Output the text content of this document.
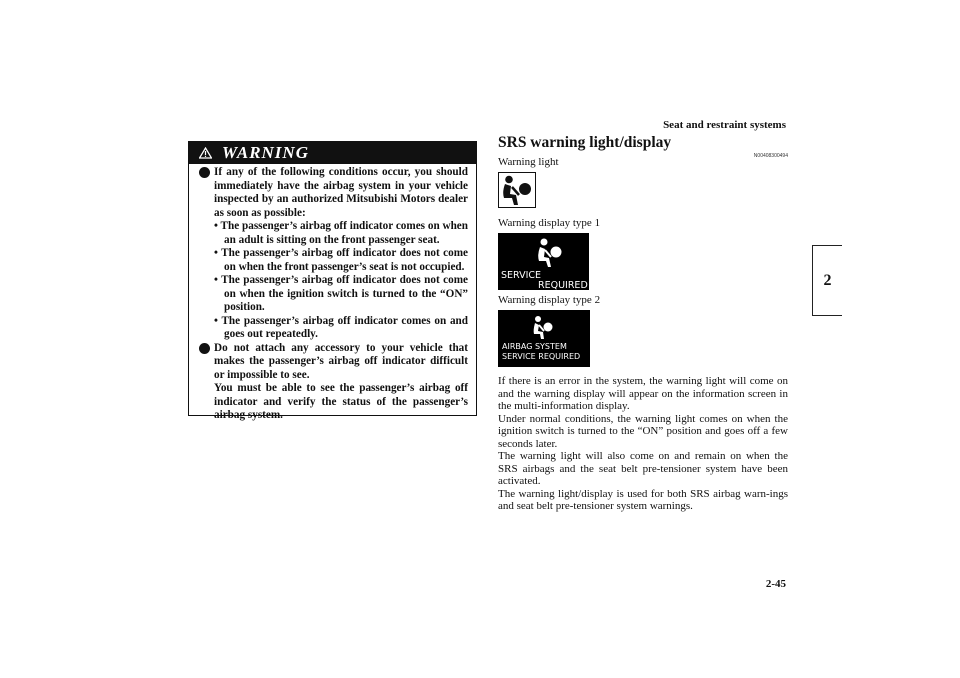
Seat and restraint systems
2-45
2
WARNING

If any of the following conditions occur, you should immediately have the airbag system in your vehicle inspected by an authorized Mitsubishi Motors dealer as soon as possible:

• The passenger’s airbag off indicator comes on when an adult is sitting on the front passenger seat.

• The passenger’s airbag off indicator does not come on when the front passenger’s seat is not occupied.

• The passenger’s airbag off indicator does not come on when the ignition switch is turned to the “ON” position.

• The passenger’s airbag off indicator comes on and goes out repeatedly.

Do not attach any accessory to your vehicle that makes the passenger’s airbag off indicator difficult or impossible to see.

You must be able to see the passenger’s airbag off indicator and verify the status of the passenger’s airbag system.

SRS warning light/display
N00408300494
Warning light
Warning display type 1
SERVICE
REQUIRED
Warning display type 2
AIRBAG SYSTEM
SERVICE REQUIRED

If there is an error in the system, the warning light will come on and the warning display will appear on the information screen in the multi-information display.

Under normal conditions, the warning light comes on when the ignition switch is turned to the “ON” position and goes off a few seconds later.

The warning light will also come on and remain on when the SRS airbags and the seat belt pre-tensioner system have been activated.

The warning light/display is used for both SRS airbag warn-ings and seat belt pre-tensioner system warnings.
